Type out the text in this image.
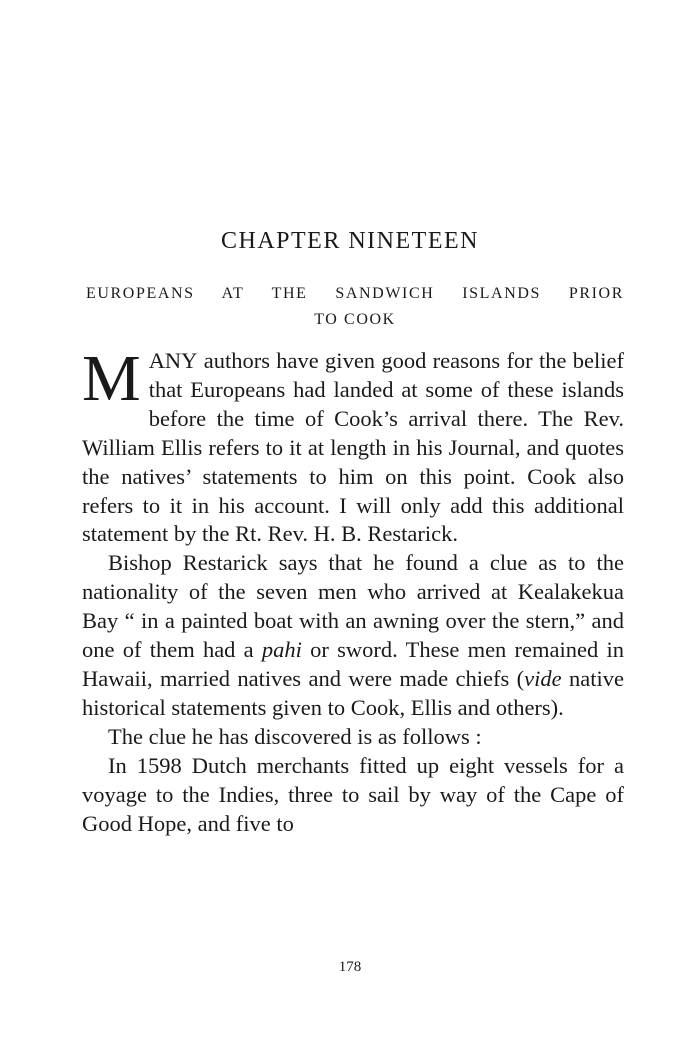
CHAPTER NINETEEN
EUROPEANS AT THE SANDWICH ISLANDS PRIOR
TO COOK

MANY authors have given good reasons for the belief that Europeans had landed at some of these islands before the time of Cook’s arrival there. The Rev. William Ellis refers to it at length in his Journal, and quotes the natives’ statements to him on this point. Cook also refers to it in his account. I will only add this additional statement by the Rt. Rev. H. B. Restarick.

Bishop Restarick says that he found a clue as to the nationality of the seven men who arrived at Kealakekua Bay “ in a painted boat with an awning over the stern,” and one of them had a pahi or sword. These men remained in Hawaii, married natives and were made chiefs (vide native historical statements given to Cook, Ellis and others).

The clue he has discovered is as follows :

In 1598 Dutch merchants fitted up eight vessels for a voyage to the Indies, three to sail by way of the Cape of Good Hope, and five to

178
